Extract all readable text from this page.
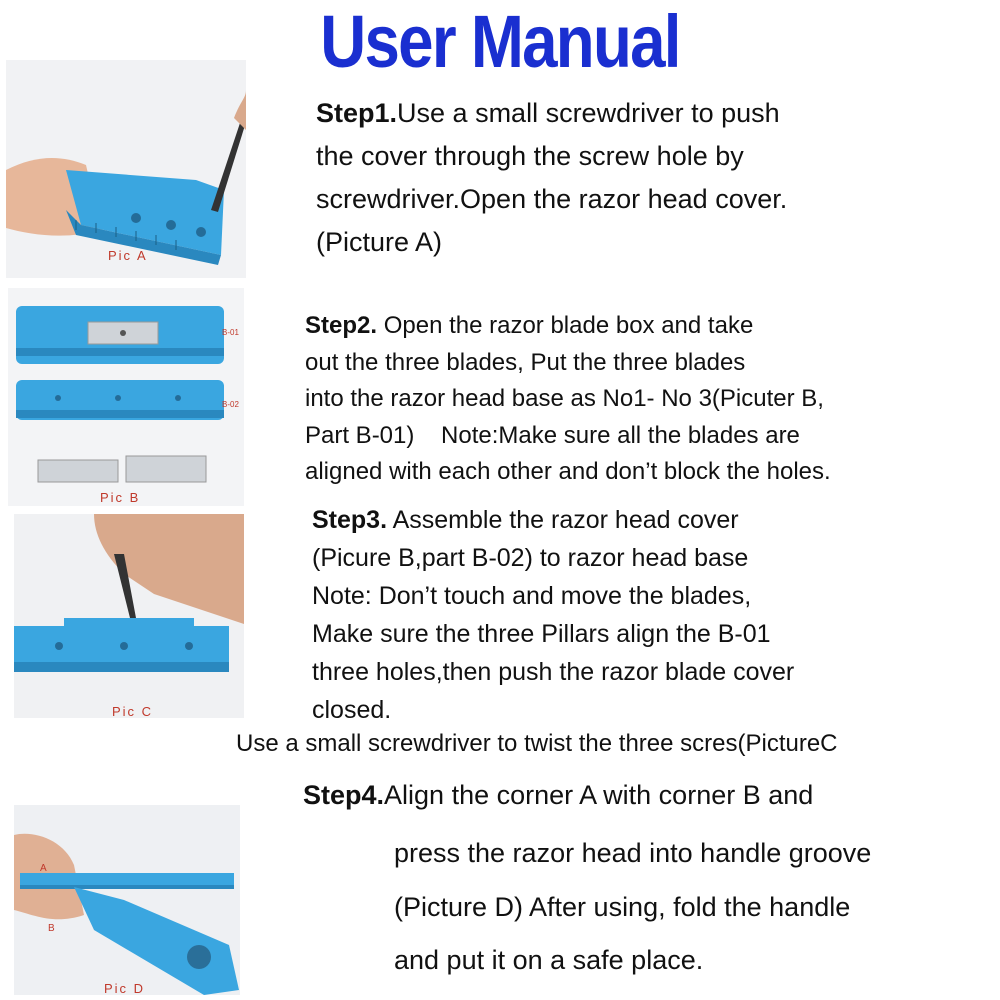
User Manual
Pic A
B-01
B-02
Pic B
Pic C
A
B
Pic D
Step1.Use a small screwdriver to push
the cover through the screw hole by
screwdriver.Open the razor head cover.
(Picture A)
Step2. Open the razor blade box and take
out the three blades, Put the three blades
into the razor head base as No1- No 3(Picuter B,
Part B-01)    Note:Make sure all the blades are
aligned with each other and don’t block the holes.
Step3. Assemble the razor head cover
(Picure B,part B-02) to razor head base
Note: Don’t touch and move the blades,
Make sure the three Pillars align the B-01
three holes,then push the razor blade cover
closed.
Use a small screwdriver to twist the three scres(PictureC
Step4.Align the corner A with corner B and
press the razor head into handle groove
(Picture D) After using, fold the handle
and put it on a safe place.
